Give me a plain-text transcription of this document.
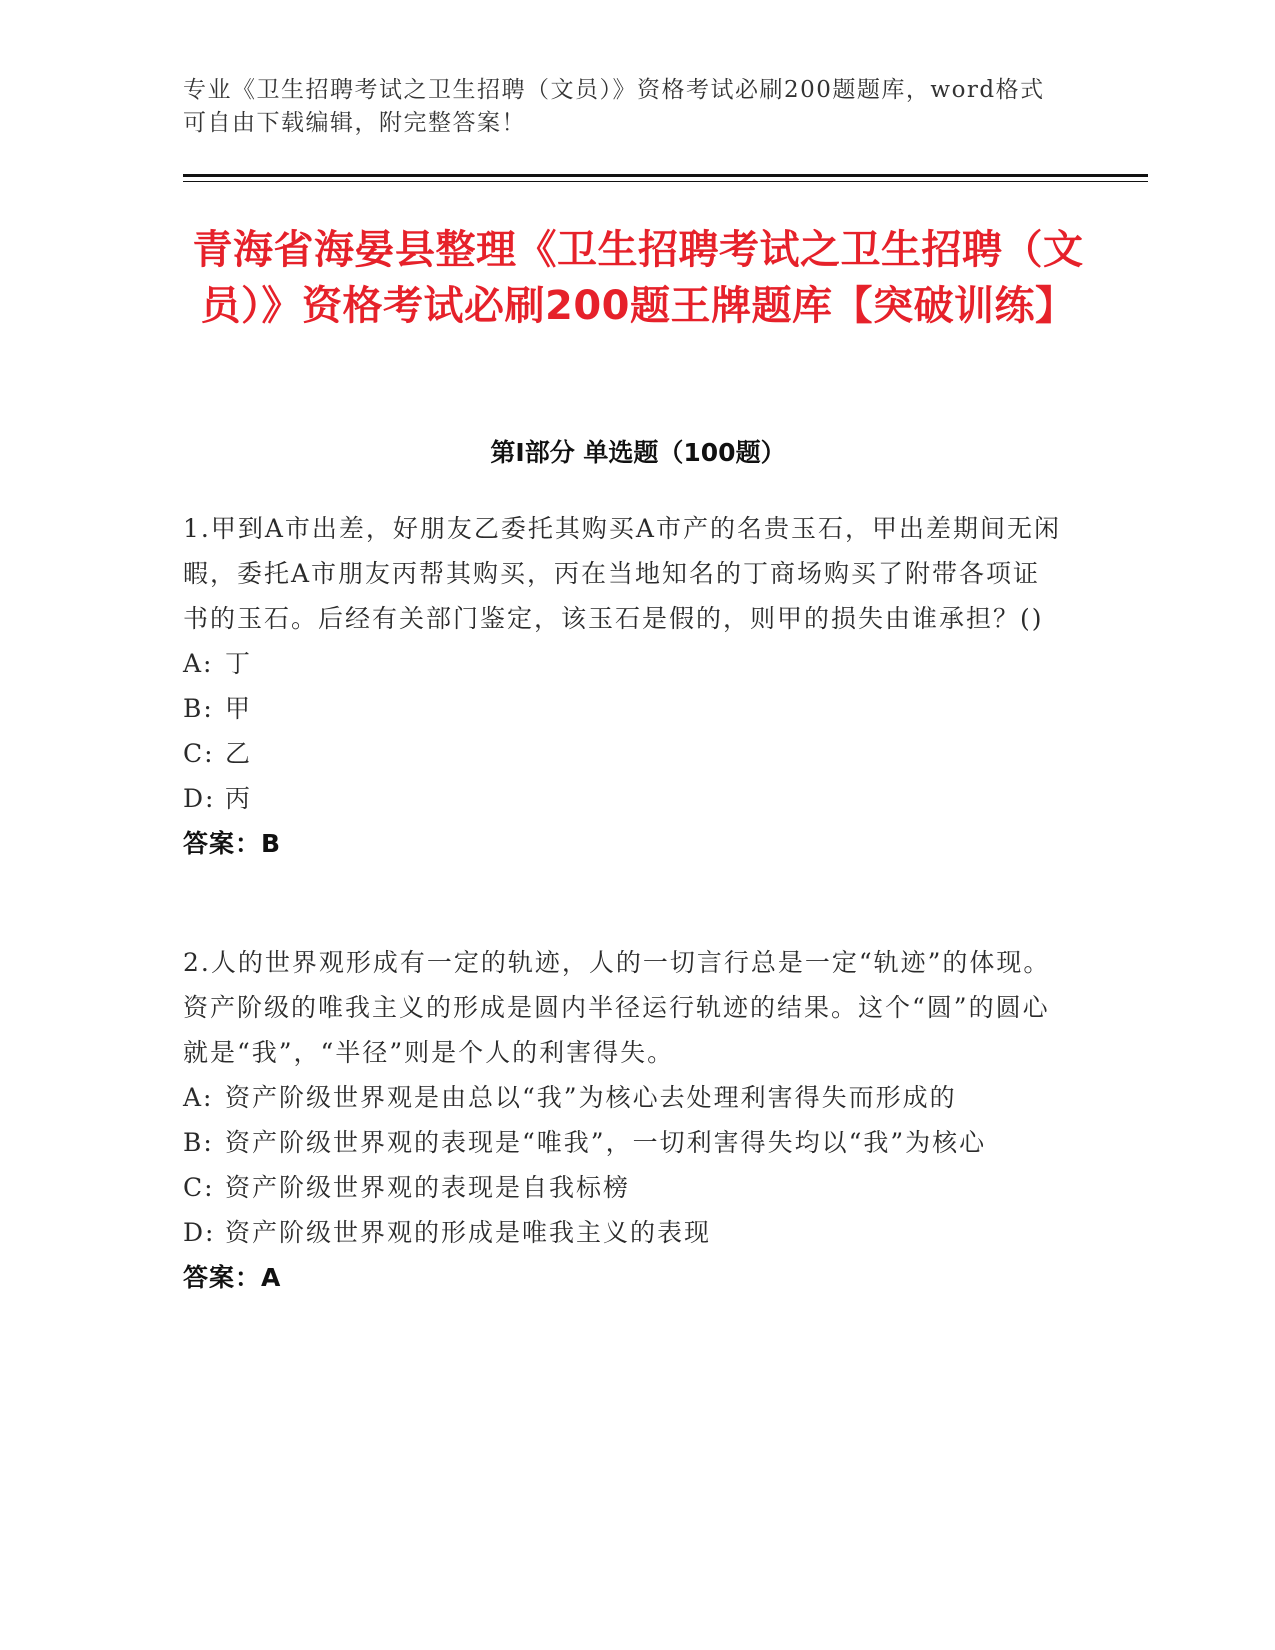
专业《卫生招聘考试之卫生招聘（文员）》资格考试必刷200题题库，word格式可自由下载编辑，附完整答案！
青海省海晏县整理《卫生招聘考试之卫生招聘（文员）》资格考试必刷200题王牌题库【突破训练】
第I部分 单选题（100题）
1.甲到A市出差，好朋友乙委托其购买A市产的名贵玉石，甲出差期间无闲暇，委托A市朋友丙帮其购买，丙在当地知名的丁商场购买了附带各项证书的玉石。后经有关部门鉴定，该玉石是假的，则甲的损失由谁承担？()
A: 丁
B: 甲
C: 乙
D: 丙
答案：B
2.人的世界观形成有一定的轨迹，人的一切言行总是一定“轨迹”的体现。资产阶级的唯我主义的形成是圆内半径运行轨迹的结果。这个“圆”的圆心就是“我”，“半径”则是个人的利害得失。
A: 资产阶级世界观是由总以“我”为核心去处理利害得失而形成的
B: 资产阶级世界观的表现是“唯我”，一切利害得失均以“我”为核心
C: 资产阶级世界观的表现是自我标榜
D: 资产阶级世界观的形成是唯我主义的表现
答案：A
